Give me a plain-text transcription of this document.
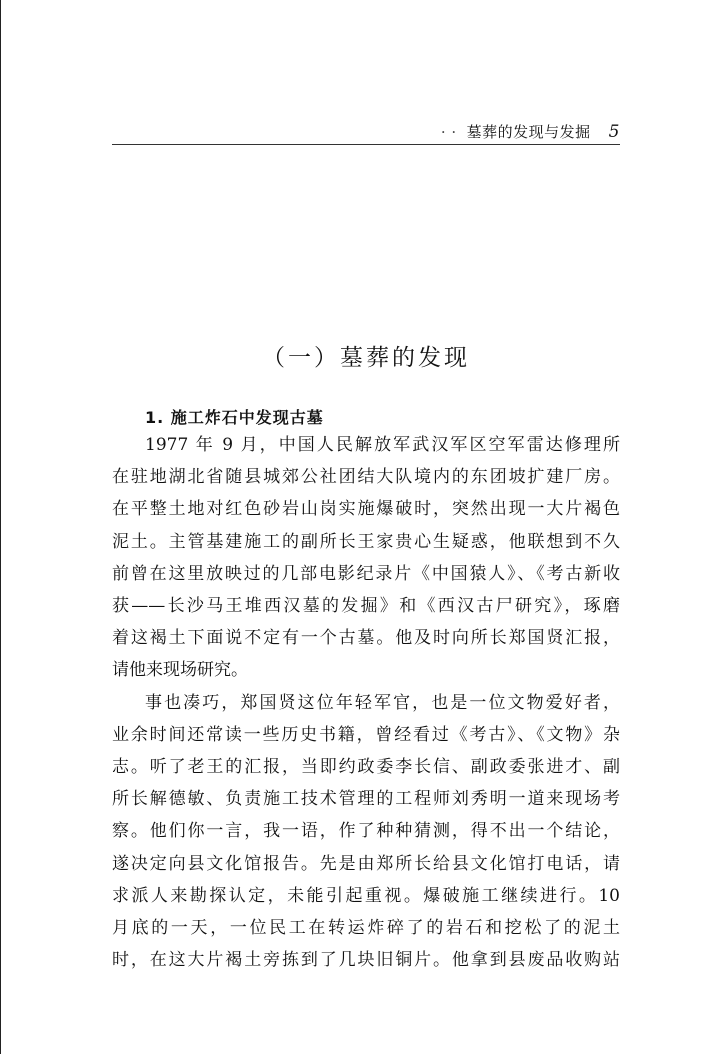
· · 墓葬的发现与发掘 5
（一）墓葬的发现
1. 施工炸石中发现古墓
1977 年 9 月，中国人民解放军武汉军区空军雷达修理所
在驻地湖北省随县城郊公社团结大队境内的东团坡扩建厂房。
在平整土地对红色砂岩山岗实施爆破时，突然出现一大片褐色
泥土。主管基建施工的副所长王家贵心生疑惑，他联想到不久
前曾在这里放映过的几部电影纪录片《中国猿人》、《考古新收
获——长沙马王堆西汉墓的发掘》和《西汉古尸研究》，琢磨
着这褐土下面说不定有一个古墓。他及时向所长郑国贤汇报，
请他来现场研究。
事也凑巧，郑国贤这位年轻军官，也是一位文物爱好者，
业余时间还常读一些历史书籍，曾经看过《考古》、《文物》杂
志。听了老王的汇报，当即约政委李长信、副政委张进才、副
所长解德敏、负责施工技术管理的工程师刘秀明一道来现场考
察。他们你一言，我一语，作了种种猜测，得不出一个结论，
遂决定向县文化馆报告。先是由郑所长给县文化馆打电话，请
求派人来勘探认定，未能引起重视。爆破施工继续进行。10
月底的一天，一位民工在转运炸碎了的岩石和挖松了的泥土
时，在这大片褐土旁拣到了几块旧铜片。他拿到县废品收购站
